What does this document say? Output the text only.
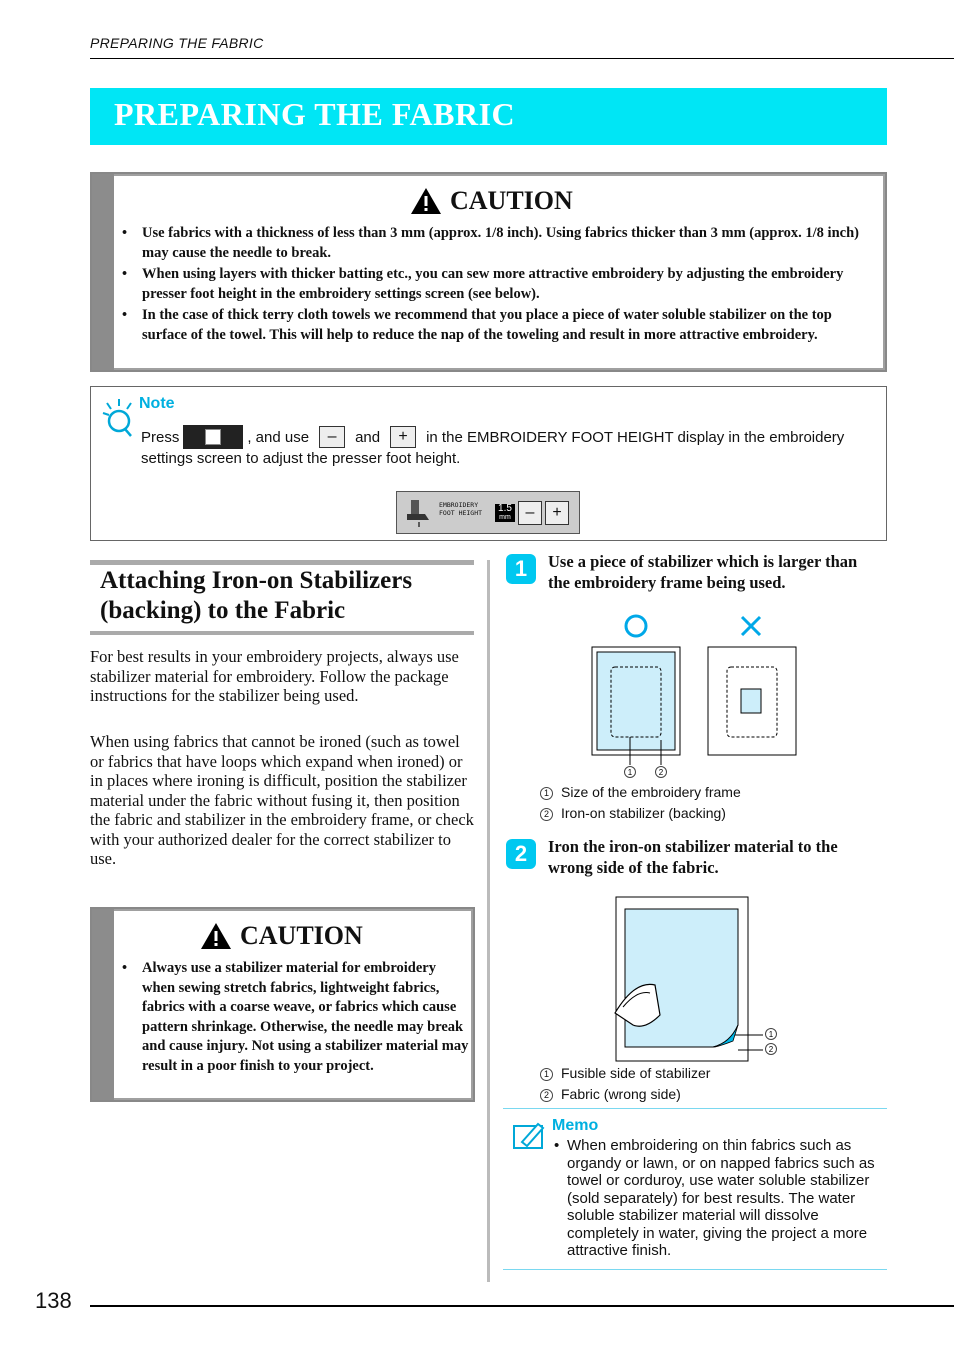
PREPARING THE FABRIC
PREPARING THE FABRIC
CAUTION
• Use fabrics with a thickness of less than 3 mm (approx. 1/8 inch). Using fabrics thicker than 3 mm (approx. 1/8 inch) may cause the needle to break.
• When using layers with thicker batting etc., you can sew more attractive embroidery by adjusting the embroidery presser foot height in the embroidery settings screen (see below).
• In the case of thick terry cloth towels we recommend that you place a piece of water soluble stabilizer on the top surface of the towel. This will help to reduce the nap of the toweling and result in more attractive embroidery.
Note
Press	, and use	–	and	+	in the EMBROIDERY FOOT HEIGHT display in the embroidery
settings screen to adjust the presser foot height.
EMBROIDERY FOOT HEIGHT	1.5
mm –	+
Attaching Iron-on Stabilizers
(backing) to the Fabric
For best results in your embroidery projects, always use stabilizer material for embroidery. Follow the package instructions for the stabilizer being used.
When using fabrics that cannot be ironed (such as towel or fabrics that have loops which expand when ironed) or in places where ironing is difficult, position the stabilizer material under the fabric without fusing it, then position the fabric and stabilizer in the embroidery frame, or check with your authorized dealer for the correct stabilizer to use.
CAUTION
• Always use a stabilizer material for embroidery when sewing stretch fabrics, lightweight fabrics, fabrics with a coarse weave, or fabrics which cause pattern shrinkage. Otherwise, the needle may break and cause injury. Not using a stabilizer material may result in a poor finish to your project.
1	Use a piece of stabilizer which is larger than the embroidery frame being used.
1	2
1 Size of the embroidery frame
2 Iron-on stabilizer (backing)
2	Iron the iron-on stabilizer material to the wrong side of the fabric.
1
2
1 Fusible side of stabilizer
2 Fabric (wrong side)
Memo
• When embroidering on thin fabrics such as organdy or lawn, or on napped fabrics such as towel or corduroy, use water soluble stabilizer (sold separately) for best results. The water soluble stabilizer material will dissolve completely in water, giving the project a more attractive finish.
138
